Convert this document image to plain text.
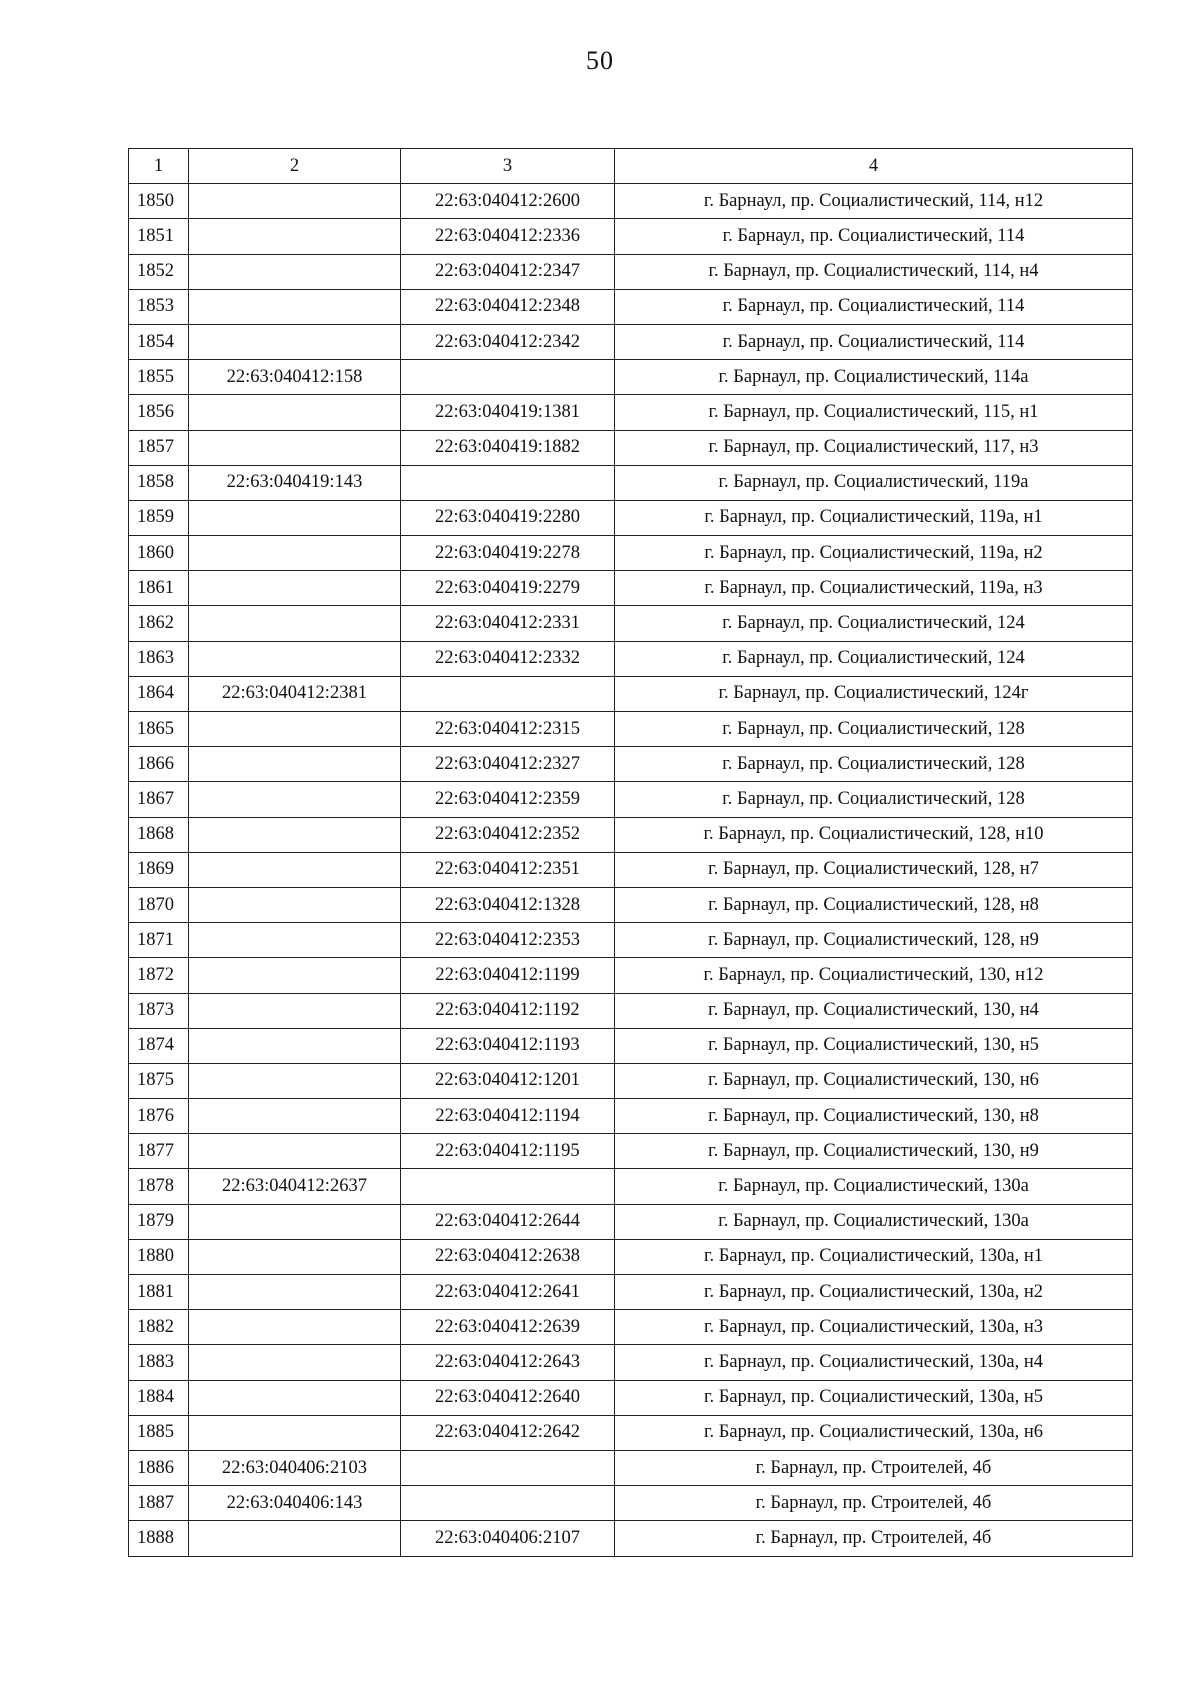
50
1	2	3	4
1850		22:63:040412:2600	г. Барнаул, пр. Социалистический, 114, н12
1851		22:63:040412:2336	г. Барнаул, пр. Социалистический, 114
1852		22:63:040412:2347	г. Барнаул, пр. Социалистический, 114, н4
1853		22:63:040412:2348	г. Барнаул, пр. Социалистический, 114
1854		22:63:040412:2342	г. Барнаул, пр. Социалистический, 114
1855	22:63:040412:158		г. Барнаул, пр. Социалистический, 114а
1856		22:63:040419:1381	г. Барнаул, пр. Социалистический, 115, н1
1857		22:63:040419:1882	г. Барнаул, пр. Социалистический, 117, н3
1858	22:63:040419:143		г. Барнаул, пр. Социалистический, 119а
1859		22:63:040419:2280	г. Барнаул, пр. Социалистический, 119а, н1
1860		22:63:040419:2278	г. Барнаул, пр. Социалистический, 119а, н2
1861		22:63:040419:2279	г. Барнаул, пр. Социалистический, 119а, н3
1862		22:63:040412:2331	г. Барнаул, пр. Социалистический, 124
1863		22:63:040412:2332	г. Барнаул, пр. Социалистический, 124
1864	22:63:040412:2381		г. Барнаул, пр. Социалистический, 124г
1865		22:63:040412:2315	г. Барнаул, пр. Социалистический, 128
1866		22:63:040412:2327	г. Барнаул, пр. Социалистический, 128
1867		22:63:040412:2359	г. Барнаул, пр. Социалистический, 128
1868		22:63:040412:2352	г. Барнаул, пр. Социалистический, 128, н10
1869		22:63:040412:2351	г. Барнаул, пр. Социалистический, 128, н7
1870		22:63:040412:1328	г. Барнаул, пр. Социалистический, 128, н8
1871		22:63:040412:2353	г. Барнаул, пр. Социалистический, 128, н9
1872		22:63:040412:1199	г. Барнаул, пр. Социалистический, 130, н12
1873		22:63:040412:1192	г. Барнаул, пр. Социалистический, 130, н4
1874		22:63:040412:1193	г. Барнаул, пр. Социалистический, 130, н5
1875		22:63:040412:1201	г. Барнаул, пр. Социалистический, 130, н6
1876		22:63:040412:1194	г. Барнаул, пр. Социалистический, 130, н8
1877		22:63:040412:1195	г. Барнаул, пр. Социалистический, 130, н9
1878	22:63:040412:2637		г. Барнаул, пр. Социалистический, 130а
1879		22:63:040412:2644	г. Барнаул, пр. Социалистический, 130а
1880		22:63:040412:2638	г. Барнаул, пр. Социалистический, 130а, н1
1881		22:63:040412:2641	г. Барнаул, пр. Социалистический, 130а, н2
1882		22:63:040412:2639	г. Барнаул, пр. Социалистический, 130а, н3
1883		22:63:040412:2643	г. Барнаул, пр. Социалистический, 130а, н4
1884		22:63:040412:2640	г. Барнаул, пр. Социалистический, 130а, н5
1885		22:63:040412:2642	г. Барнаул, пр. Социалистический, 130а, н6
1886	22:63:040406:2103		г. Барнаул, пр. Строителей, 4б
1887	22:63:040406:143		г. Барнаул, пр. Строителей, 4б
1888		22:63:040406:2107	г. Барнаул, пр. Строителей, 4б
